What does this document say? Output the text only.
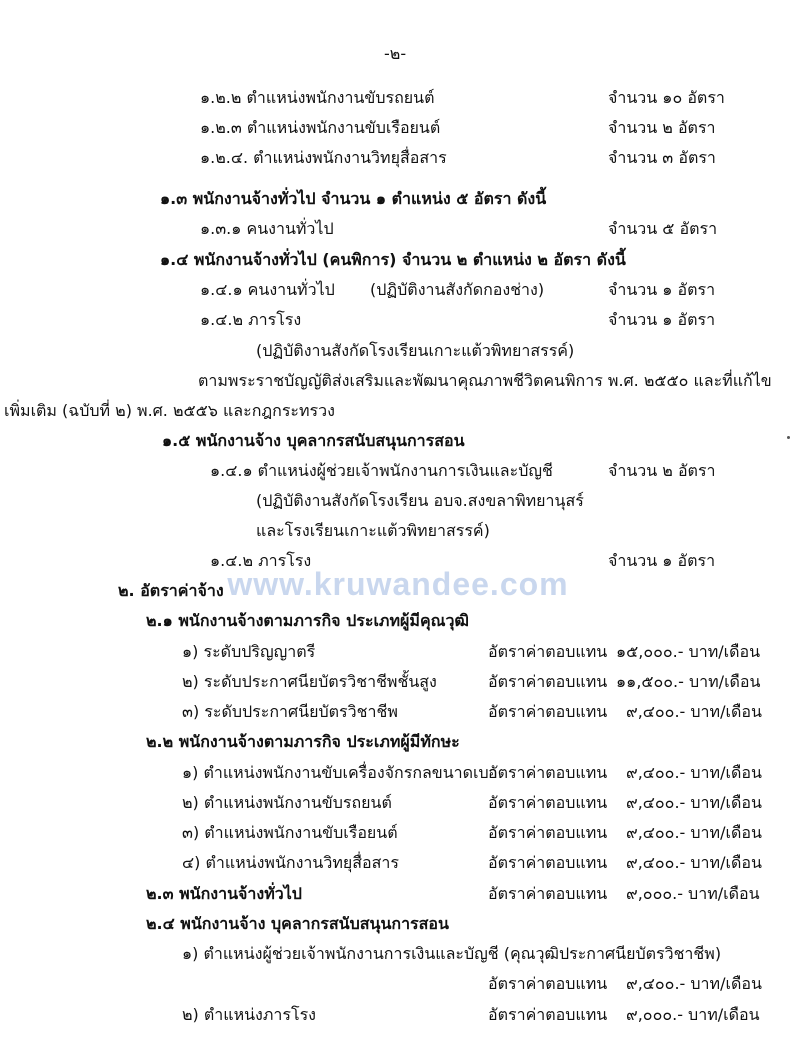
-๒-
๑.๒.๒ ตำแหน่งพนักงานขับรถยนต์	จำนวน ๑๐ อัตรา
๑.๒.๓ ตำแหน่งพนักงานขับเรือยนต์	จำนวน ๒ อัตรา
๑.๒.๔. ตำแหน่งพนักงานวิทยุสื่อสาร	จำนวน ๓ อัตรา
๑.๓ พนักงานจ้างทั่วไป จำนวน ๑ ตำแหน่ง ๕ อัตรา ดังนี้
๑.๓.๑ คนงานทั่วไป	จำนวน ๕ อัตรา
๑.๔ พนักงานจ้างทั่วไป (คนพิการ) จำนวน ๒ ตำแหน่ง ๒ อัตรา ดังนี้
๑.๔.๑ คนงานทั่วไป (ปฏิบัติงานสังกัดกองช่าง)	จำนวน ๑ อัตรา
๑.๔.๒ ภารโรง	จำนวน ๑ อัตรา
(ปฏิบัติงานสังกัดโรงเรียนเกาะแต้วพิทยาสรรค์)
ตามพระราชบัญญัติส่งเสริมและพัฒนาคุณภาพชีวิตคนพิการ พ.ศ. ๒๕๕๐ และที่แก้ไข
เพิ่มเติม (ฉบับที่ ๒) พ.ศ. ๒๕๕๖ และกฎกระทรวง
๑.๕ พนักงานจ้าง บุคลากรสนับสนุนการสอน
๑.๔.๑ ตำแหน่งผู้ช่วยเจ้าพนักงานการเงินและบัญชี	จำนวน ๒ อัตรา
(ปฏิบัติงานสังกัดโรงเรียน อบจ.สงขลาพิทยานุสร์
และโรงเรียนเกาะแต้วพิทยาสรรค์)
๑.๔.๒ ภารโรง	จำนวน ๑ อัตรา
www.kruwandee.com
๒. อัตราค่าจ้าง
๒.๑ พนักงานจ้างตามภารกิจ ประเภทผู้มีคุณวุฒิ
๑) ระดับปริญญาตรี	อัตราค่าตอบแทน ๑๕,๐๐๐.- บาท/เดือน
๒) ระดับประกาศนียบัตรวิชาชีพชั้นสูง	อัตราค่าตอบแทน ๑๑,๕๐๐.- บาท/เดือน
๓) ระดับประกาศนียบัตรวิชาชีพ	อัตราค่าตอบแทน ๙,๔๐๐.- บาท/เดือน
๒.๒ พนักงานจ้างตามภารกิจ ประเภทผู้มีทักษะ
๑) ตำแหน่งพนักงานขับเครื่องจักรกลขนาดเบา
อัตราค่าตอบแทน ๙,๔๐๐.- บาท/เดือน
๒) ตำแหน่งพนักงานขับรถยนต์	อัตราค่าตอบแทน ๙,๔๐๐.- บาท/เดือน
๓) ตำแหน่งพนักงานขับเรือยนต์	อัตราค่าตอบแทน ๙,๔๐๐.- บาท/เดือน
๔) ตำแหน่งพนักงานวิทยุสื่อสาร	อัตราค่าตอบแทน ๙,๔๐๐.- บาท/เดือน
๒.๓ พนักงานจ้างทั่วไป	อัตราค่าตอบแทน ๙,๐๐๐.- บาท/เดือน
๒.๔ พนักงานจ้าง บุคลากรสนับสนุนการสอน
๑) ตำแหน่งผู้ช่วยเจ้าพนักงานการเงินและบัญชี (คุณวุฒิประกาศนียบัตรวิชาชีพ)
อัตราค่าตอบแทน ๙,๔๐๐.- บาท/เดือน
๒) ตำแหน่งภารโรง	อัตราค่าตอบแทน ๙,๐๐๐.- บาท/เดือน
